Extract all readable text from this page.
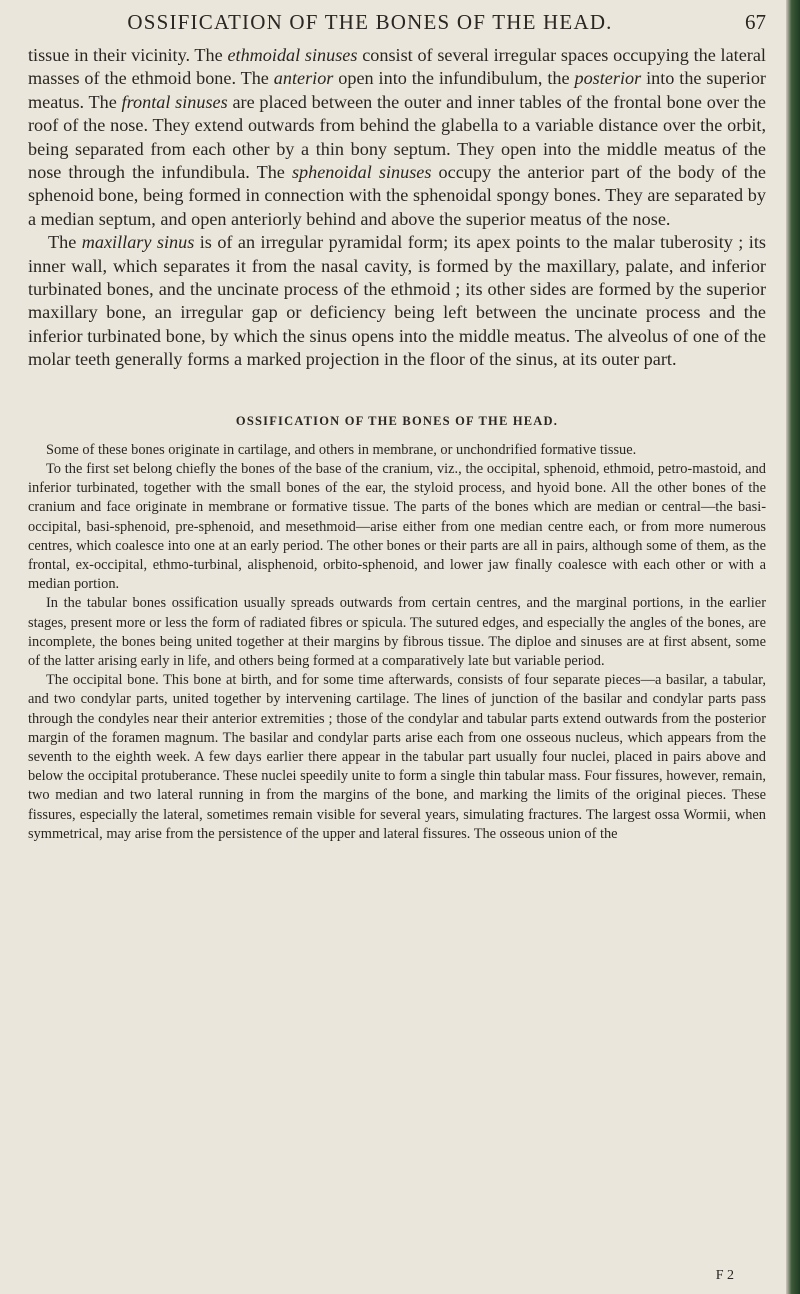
OSSIFICATION OF THE BONES OF THE HEAD.	67

tissue in their vicinity. The ethmoidal sinuses consist of several irregular spaces occupying the lateral masses of the ethmoid bone. The anterior open into the infundibulum, the posterior into the superior meatus. The frontal sinuses are placed between the outer and inner tables of the frontal bone over the roof of the nose. They extend outwards from behind the glabella to a variable distance over the orbit, being separated from each other by a thin bony septum. They open into the middle meatus of the nose through the infundibula. The sphenoidal sinuses occupy the anterior part of the body of the sphenoid bone, being formed in connection with the sphenoidal spongy bones. They are separated by a median septum, and open anteriorly behind and above the superior meatus of the nose.

The maxillary sinus is of an irregular pyramidal form; its apex points to the malar tuberosity ; its inner wall, which separates it from the nasal cavity, is formed by the maxillary, palate, and inferior turbinated bones, and the uncinate process of the ethmoid ; its other sides are formed by the superior maxillary bone, an irregular gap or deficiency being left between the uncinate process and the inferior turbinated bone, by which the sinus opens into the middle meatus. The alveolus of one of the molar teeth generally forms a marked projection in the floor of the sinus, at its outer part.

OSSIFICATION OF THE BONES OF THE HEAD.

Some of these bones originate in cartilage, and others in membrane, or unchondrified formative tissue.

To the first set belong chiefly the bones of the base of the cranium, viz., the occipital, sphenoid, ethmoid, petro-mastoid, and inferior turbinated, together with the small bones of the ear, the styloid process, and hyoid bone. All the other bones of the cranium and face originate in membrane or formative tissue. The parts of the bones which are median or central—the basi-occipital, basi-sphenoid, pre-sphenoid, and mesethmoid—arise either from one median centre each, or from more numerous centres, which coalesce into one at an early period. The other bones or their parts are all in pairs, although some of them, as the frontal, ex-occipital, ethmo-turbinal, alisphenoid, orbito-sphenoid, and lower jaw finally coalesce with each other or with a median portion.

In the tabular bones ossification usually spreads outwards from certain centres, and the marginal portions, in the earlier stages, present more or less the form of radiated fibres or spicula. The sutured edges, and especially the angles of the bones, are incomplete, the bones being united together at their margins by fibrous tissue. The diploe and sinuses are at first absent, some of the latter arising early in life, and others being formed at a comparatively late but variable period.

The occipital bone. This bone at birth, and for some time afterwards, consists of four separate pieces—a basilar, a tabular, and two condylar parts, united together by intervening cartilage. The lines of junction of the basilar and condylar parts pass through the condyles near their anterior extremities ; those of the condylar and tabular parts extend outwards from the posterior margin of the foramen magnum. The basilar and condylar parts arise each from one osseous nucleus, which appears from the seventh to the eighth week. A few days earlier there appear in the tabular part usually four nuclei, placed in pairs above and below the occipital protuberance. These nuclei speedily unite to form a single thin tabular mass. Four fissures, however, remain, two median and two lateral running in from the margins of the bone, and marking the limits of the original pieces. These fissures, especially the lateral, sometimes remain visible for several years, simulating fractures. The largest ossa Wormii, when symmetrical, may arise from the persistence of the upper and lateral fissures. The osseous union of the

F 2
